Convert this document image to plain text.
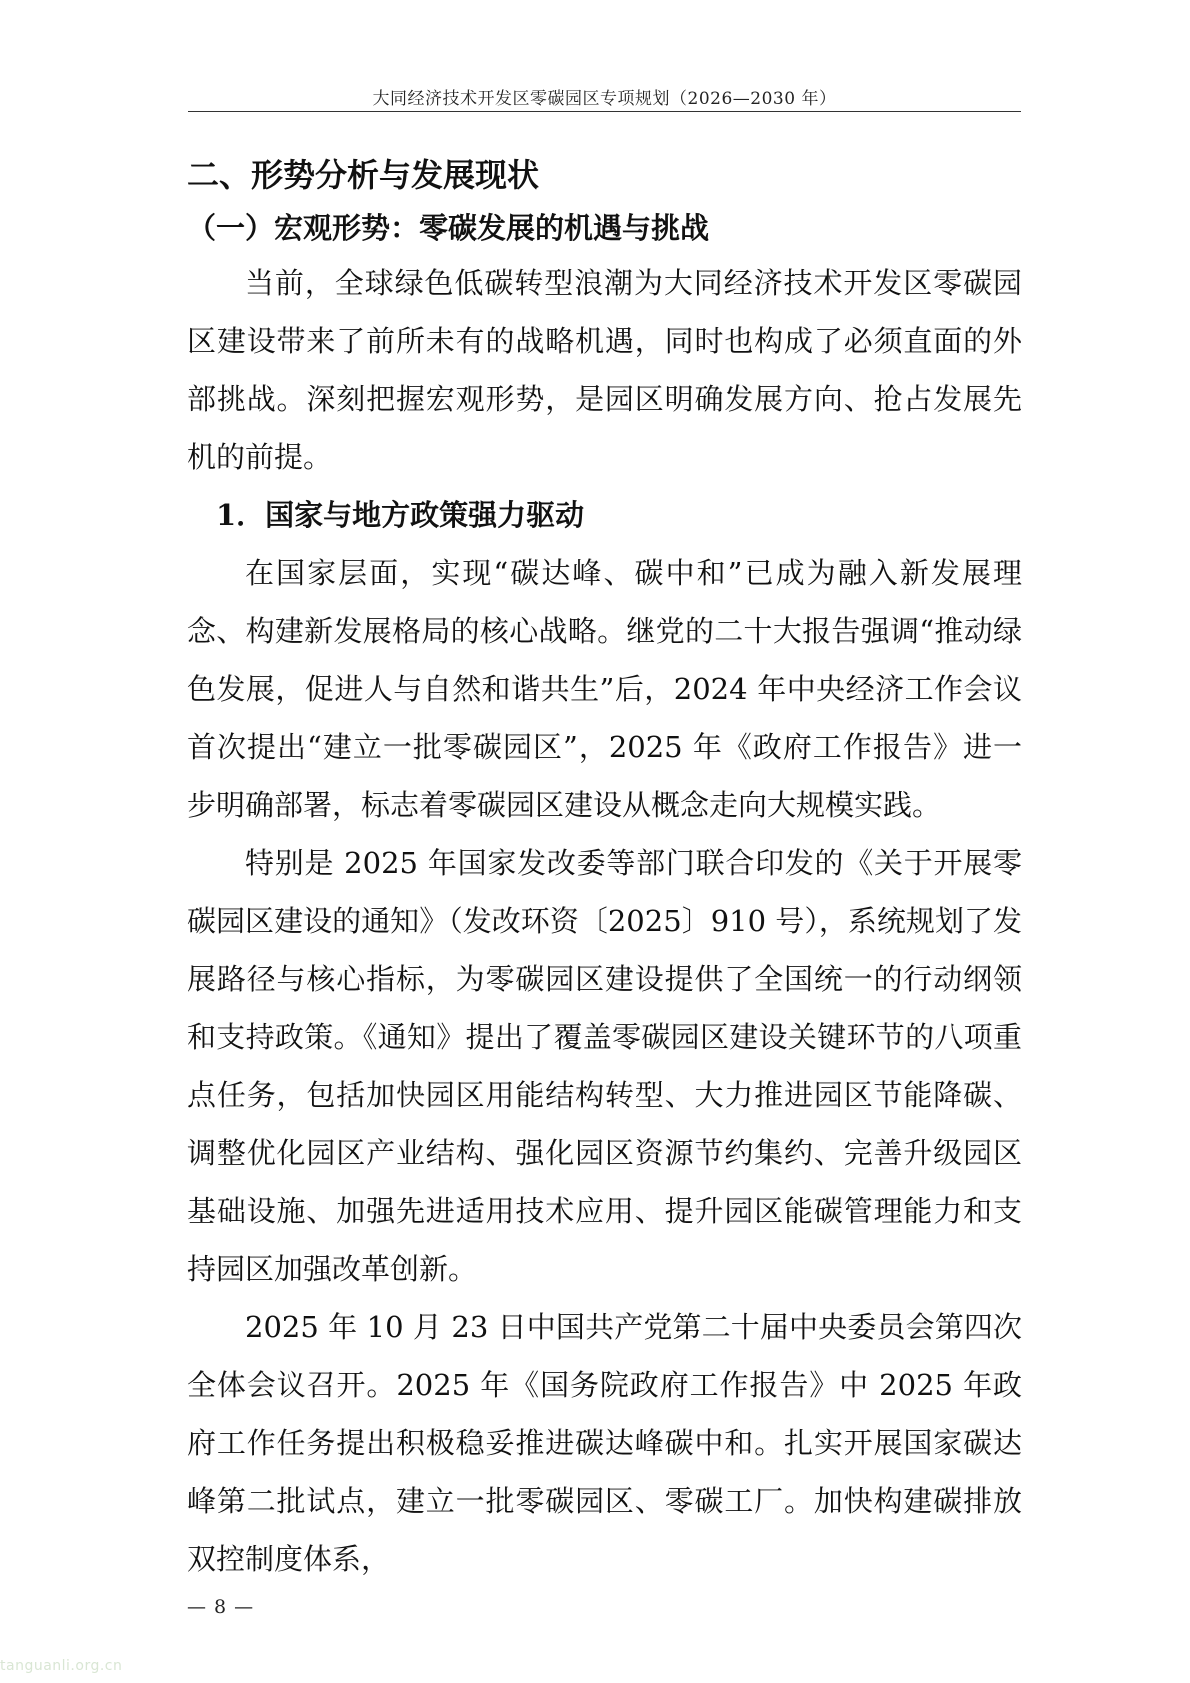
大同经济技术开发区零碳园区专项规划（2026—2030 年）
二、形势分析与发展现状
（一）宏观形势：零碳发展的机遇与挑战

当前，全球绿色低碳转型浪潮为大同经济技术开发区零碳园区建设带来了前所未有的战略机遇，同时也构成了必须直面的外部挑战。深刻把握宏观形势，是园区明确发展方向、抢占发展先机的前提。

1．国家与地方政策强力驱动

在国家层面，实现“碳达峰、碳中和”已成为融入新发展理念、构建新发展格局的核心战略。继党的二十大报告强调“推动绿色发展，促进人与自然和谐共生”后，2024 年中央经济工作会议首次提出“建立一批零碳园区”，2025 年《政府工作报告》进一步明确部署，标志着零碳园区建设从概念走向大规模实践。

特别是 2025 年国家发改委等部门联合印发的《关于开展零碳园区建设的通知》（发改环资〔2025〕910 号），系统规划了发展路径与核心指标，为零碳园区建设提供了全国统一的行动纲领和支持政策。《通知》提出了覆盖零碳园区建设关键环节的八项重点任务，包括加快园区用能结构转型、大力推进园区节能降碳、调整优化园区产业结构、强化园区资源节约集约、完善升级园区基础设施、加强先进适用技术应用、提升园区能碳管理能力和支持园区加强改革创新。

2025 年 10 月 23 日中国共产党第二十届中央委员会第四次全体会议召开。2025 年《国务院政府工作报告》中 2025 年政府工作任务提出积极稳妥推进碳达峰碳中和。扎实开展国家碳达峰第二批试点，建立一批零碳园区、零碳工厂。加快构建碳排放双控制度体系，

— 8 —
tanguanli.org.cn
